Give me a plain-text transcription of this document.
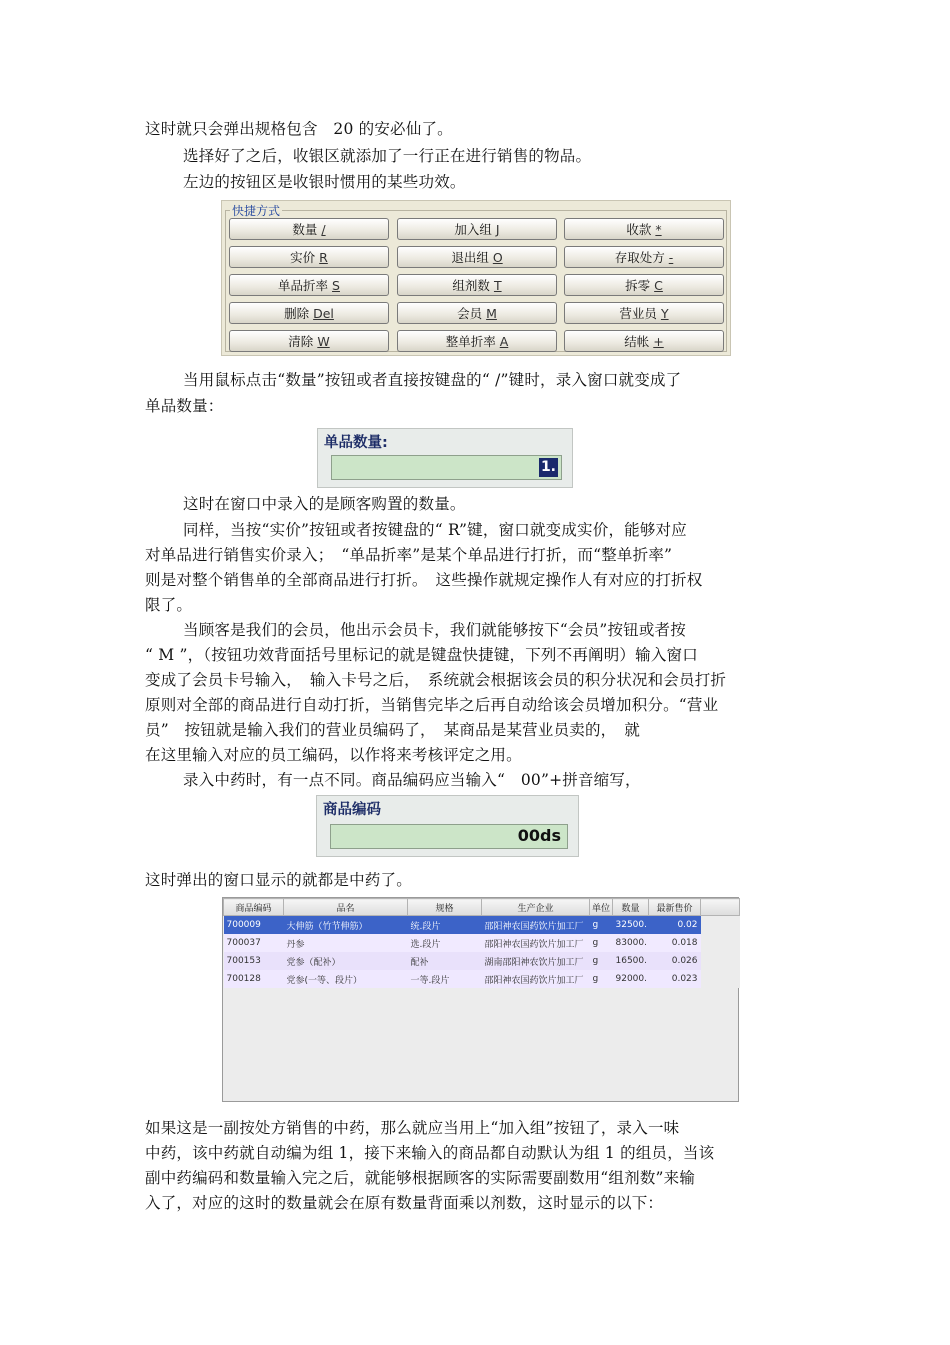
这时就只会弹出规格包含　20 的安必仙了。
选择好了之后，收银区就添加了一行正在进行销售的物品。
左边的按钮区是收银时惯用的某些功效。
快捷方式
数量 /	加入组 J	收款 *
实价 R	退出组 O	存取处方 -
单品折率 S	组剂数 T	拆零 C
删除 Del	会员 M	营业员 Y
清除 W	整单折率 A	结帐 +
当用鼠标点击“数量”按钮或者直接按键盘的“ /”键时，录入窗口就变成了
单品数量：
单品数量:
1.
这时在窗口中录入的是顾客购置的数量。
同样，当按“实价”按钮或者按键盘的“ R”键，窗口就变成实价，能够对应
对单品进行销售实价录入；　“单品折率”是某个单品进行打折，而“整单折率”
则是对整个销售单的全部商品进行打折。　这些操作就规定操作人有对应的打折权
限了。
当顾客是我们的会员，他出示会员卡，我们就能够按下“会员”按钮或者按
“ M ”，（按钮功效背面括号里标记的就是键盘快捷键，下列不再阐明）输入窗口
变成了会员卡号输入，　输入卡号之后，　系统就会根据该会员的积分状况和会员打折
原则对全部的商品进行自动打折，当销售完毕之后再自动给该会员增加积分。“营业
员”　按钮就是输入我们的营业员编码了，　某商品是某营业员卖的，　就
在这里输入对应的员工编码，以作将来考核评定之用。
录入中药时，有一点不同。商品编码应当输入“　00”+拼音缩写，
商品编码
00ds
这时弹出的窗口显示的就都是中药了。
商品编码	品名	规格	生产企业	单位	数量	最新售价	
700009	大伸筋（竹节伸筋）	统.段片	邵阳神农国药饮片加工厂	g	32500.	0.02	
700037	丹参	选.段片	邵阳神农国药饮片加工厂	g	83000.	0.018	
700153	党参（配补）	配补	湖南邵阳神农饮片加工厂	g	16500.	0.026	
700128	党参(一等、段片）	一等.段片	邵阳神农国药饮片加工厂	g	92000.	0.023	
如果这是一副按处方销售的中药，那么就应当用上“加入组”按钮了，录入一味
中药，该中药就自动编为组 1，接下来输入的商品都自动默认为组 1 的组员，当该
副中药编码和数量输入完之后，就能够根据顾客的实际需要副数用“组剂数”来输
入了，对应的这时的数量就会在原有数量背面乘以剂数，这时显示的以下：
